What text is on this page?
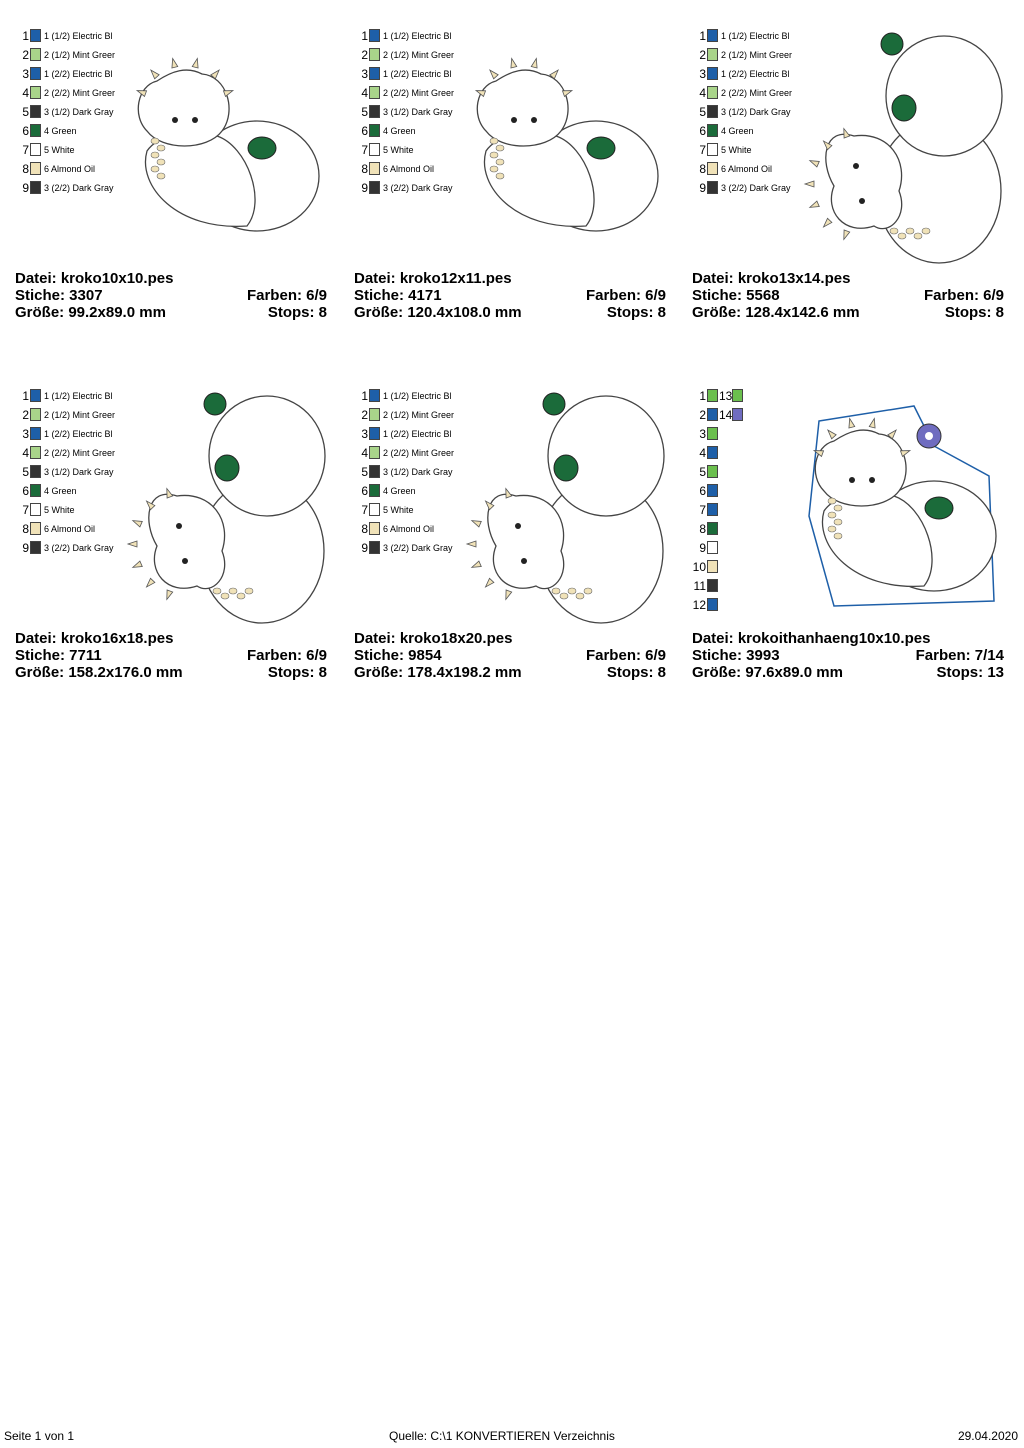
1 1 (1/2) Electric Bl
2 2 (1/2) Mint Greer
3 1 (2/2) Electric Bl
4 2 (2/2) Mint Greer
5 3 (1/2) Dark Gray
6 4 Green
7 5 White
8 6 Almond Oil
9 3 (2/2) Dark Gray
Datei: kroko10x10.pes
Stiche: 3307	Farben: 6/9
Größe: 99.2x89.0 mm	Stops: 8
1 1 (1/2) Electric Bl
2 2 (1/2) Mint Greer
3 1 (2/2) Electric Bl
4 2 (2/2) Mint Greer
5 3 (1/2) Dark Gray
6 4 Green
7 5 White
8 6 Almond Oil
9 3 (2/2) Dark Gray
Datei: kroko12x11.pes
Stiche: 4171	Farben: 6/9
Größe: 120.4x108.0 mm	Stops: 8
1 1 (1/2) Electric Bl
2 2 (1/2) Mint Greer
3 1 (2/2) Electric Bl
4 2 (2/2) Mint Greer
5 3 (1/2) Dark Gray
6 4 Green
7 5 White
8 6 Almond Oil
9 3 (2/2) Dark Gray
Datei: kroko13x14.pes
Stiche: 5568	Farben: 6/9
Größe: 128.4x142.6 mm	Stops: 8
1 1 (1/2) Electric Bl
2 2 (1/2) Mint Greer
3 1 (2/2) Electric Bl
4 2 (2/2) Mint Greer
5 3 (1/2) Dark Gray
6 4 Green
7 5 White
8 6 Almond Oil
9 3 (2/2) Dark Gray
Datei: kroko16x18.pes
Stiche: 7711	Farben: 6/9
Größe: 158.2x176.0 mm	Stops: 8
1 1 (1/2) Electric Bl
2 2 (1/2) Mint Greer
3 1 (2/2) Electric Bl
4 2 (2/2) Mint Greer
5 3 (1/2) Dark Gray
6 4 Green
7 5 White
8 6 Almond Oil
9 3 (2/2) Dark Gray
Datei: kroko18x20.pes
Stiche: 9854	Farben: 6/9
Größe: 178.4x198.2 mm	Stops: 8
1 13
2 14
3
4
5
6
7
8
9
10
11
12
Datei: krokoithanhaeng10x10.pes
Stiche: 3993	Farben: 7/14
Größe: 97.6x89.0 mm	Stops: 13
Seite 1 von 1	Quelle: C:\1 KONVERTIEREN Verzeichnis	29.04.2020
